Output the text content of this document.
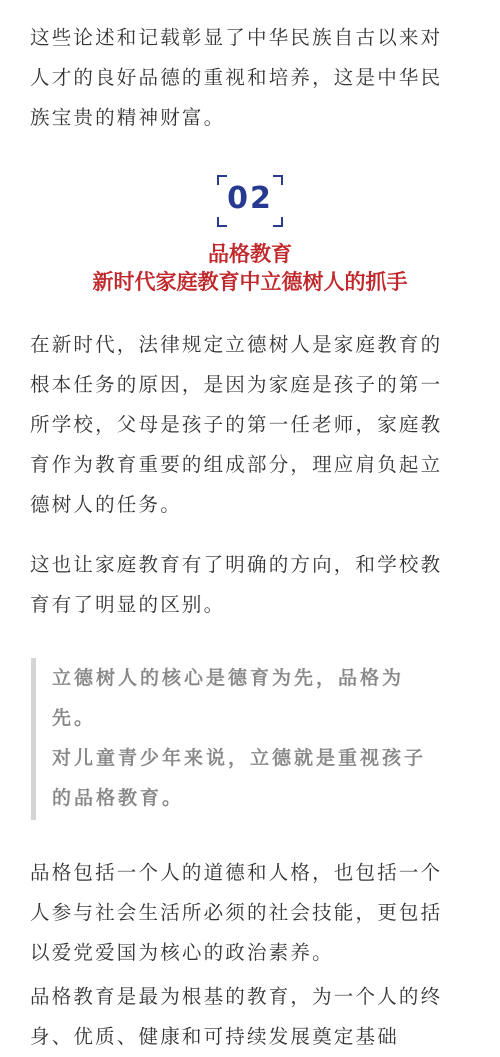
这些论述和记载彰显了中华民族自古以来对
人才的良好品德的重视和培养，这是中华民
族宝贵的精神财富。
02
品格教育
新时代家庭教育中立德树人的抓手
在新时代，法律规定立德树人是家庭教育的
根本任务的原因，是因为家庭是孩子的第一
所学校，父母是孩子的第一任老师，家庭教
育作为教育重要的组成部分，理应肩负起立
德树人的任务。
这也让家庭教育有了明确的方向，和学校教
育有了明显的区别。
立德树人的核心是德育为先，品格为
先。
对儿童青少年来说，立德就是重视孩子
的品格教育。
品格包括一个人的道德和人格，也包括一个
人参与社会生活所必须的社会技能，更包括
以爱党爱国为核心的政治素养。
品格教育是最为根基的教育，为一个人的终
身、优质、健康和可持续发展奠定基础
